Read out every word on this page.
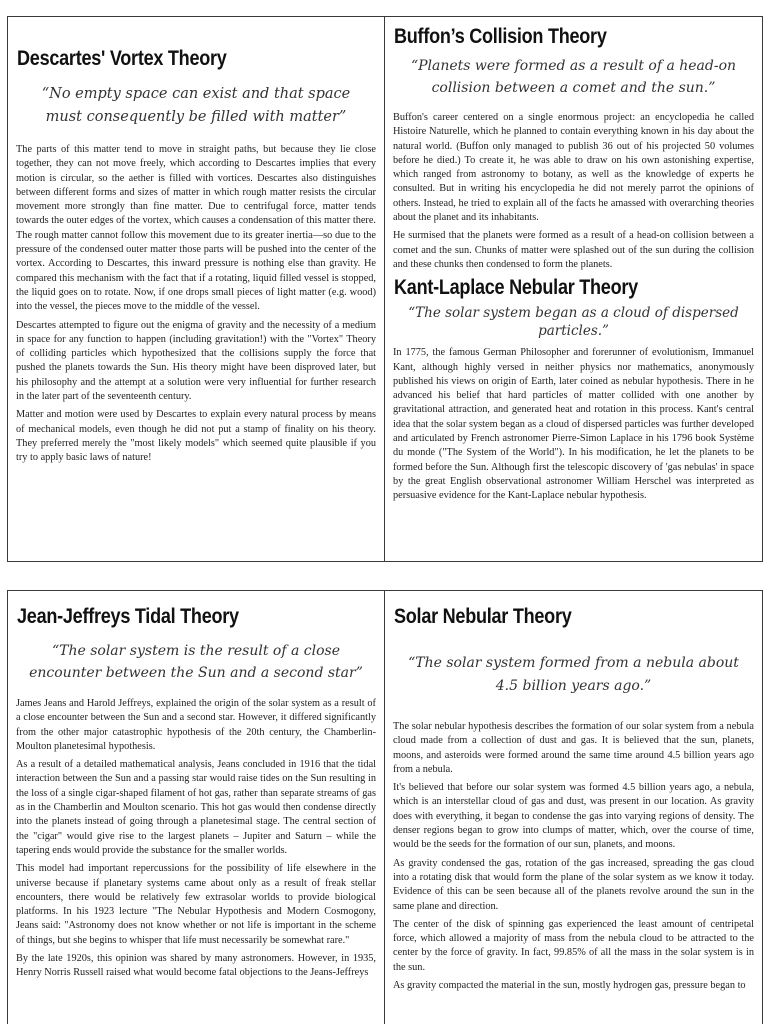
Descartes' Vortex Theory

“No empty space can exist and that space must consequently be filled with matter”

The parts of this matter tend to move in straight paths, but because they lie close together, they can not move freely, which according to Descartes implies that every motion is circular, so the aether is filled with vortices. Descartes also distinguishes between different forms and sizes of matter in which rough matter resists the circular movement more strongly than fine matter. Due to centrifugal force, matter tends towards the outer edges of the vortex, which causes a condensation of this matter there. The rough matter cannot follow this movement due to its greater inertia—so due to the pressure of the condensed outer matter those parts will be pushed into the center of the vortex. According to Descartes, this inward pressure is nothing else than gravity. He compared this mechanism with the fact that if a rotating, liquid filled vessel is stopped, the liquid goes on to rotate. Now, if one drops small pieces of light matter (e.g. wood) into the vessel, the pieces move to the middle of the vessel.

Descartes attempted to figure out the enigma of gravity and the necessity of a medium in space for any function to happen (including gravitation!) with the "Vortex" Theory of colliding particles which hypothesized that the collisions supply the force that pushed the planets towards the Sun. His theory might have been disproved later, but his philosophy and the attempt at a solution were very influential for further research in the later part of the seventeenth century.

Matter and motion were used by Descartes to explain every natural process by means of mechanical models, even though he did not put a stamp of finality on his theory. They preferred merely the "most likely models" which seemed quite plausible if you try to apply basic laws of nature!

Buffon’s Collision Theory

“Planets were formed as a result of a head-on collision between a comet and the sun.”

Buffon's career centered on a single enormous project: an encyclopedia he called Histoire Naturelle, which he planned to contain everything known in his day about the natural world. (Buffon only managed to publish 36 out of his projected 50 volumes before he died.) To create it, he was able to draw on his own astonishing expertise, which ranged from astronomy to botany, as well as the knowledge of experts he consulted. But in writing his encyclopedia he did not merely parrot the opinions of others. Instead, he tried to explain all of the facts he amassed with overarching theories about the planet and its inhabitants.

He surmised that the planets were formed as a result of a head-on collision between a comet and the sun. Chunks of matter were splashed out of the sun during the collision and these chunks then condensed to form the planets.

Kant-Laplace Nebular Theory

“The solar system began as a cloud of dispersed particles.”

In 1775, the famous German Philosopher and forerunner of evolutionism, Immanuel Kant, although highly versed in neither physics nor mathematics, anonymously published his views on origin of Earth, later coined as nebular hypothesis. There in he advanced his belief that hard particles of matter collided with one another by gravitational attraction, and generated heat and rotation in this process. Kant's central idea that the solar system began as a cloud of dispersed particles was further developed and articulated by French astronomer Pierre-Simon Laplace in his 1796 book Système du monde ("The System of the World"). In his modification, he let the planets to be formed before the Sun. Although first the telescopic discovery of 'gas nebulas' in space by the great English observational astronomer William Herschel was interpreted as persuasive evidence for the Kant-Laplace nebular hypothesis.

Jean-Jeffreys Tidal Theory

“The solar system is the result of a close encounter between the Sun and a second star”

James Jeans and Harold Jeffreys, explained the origin of the solar system as a result of a close encounter between the Sun and a second star. However, it differed significantly from the other major catastrophic hypothesis of the 20th century, the Chamberlin-Moulton planetesimal hypothesis.

As a result of a detailed mathematical analysis, Jeans concluded in 1916 that the tidal interaction between the Sun and a passing star would raise tides on the Sun resulting in the loss of a single cigar-shaped filament of hot gas, rather than separate streams of gas as in the Chamberlin and Moulton scenario. This hot gas would then condense directly into the planets instead of going through a planetesimal stage. The central section of the "cigar" would give rise to the largest planets – Jupiter and Saturn – while the tapering ends would provide the substance for the smaller worlds.

This model had important repercussions for the possibility of life elsewhere in the universe because if planetary systems came about only as a result of freak stellar encounters, there would be relatively few extrasolar worlds to provide biological platforms. In his 1923 lecture "The Nebular Hypothesis and Modern Cosmogony, Jeans said: "Astronomy does not know whether or not life is important in the scheme of things, but she begins to whisper that life must necessarily be somewhat rare."

By the late 1920s, this opinion was shared by many astronomers. However, in 1935, Henry Norris Russell raised what would become fatal objections to the Jeans-Jeffreys

Solar Nebular Theory

“The solar system formed from a nebula about 4.5 billion years ago.”

The solar nebular hypothesis describes the formation of our solar system from a nebula cloud made from a collection of dust and gas. It is believed that the sun, planets, moons, and asteroids were formed around the same time around 4.5 billion years ago from a nebula.

It's believed that before our solar system was formed 4.5 billion years ago, a nebula, which is an interstellar cloud of gas and dust, was present in our location. As gravity does with everything, it began to condense the gas into varying regions of density. The denser regions began to grow into clumps of matter, which, over the course of time, would be the seeds for the formation of our sun, planets, and moons.

As gravity condensed the gas, rotation of the gas increased, spreading the gas cloud into a rotating disk that would form the plane of the solar system as we know it today. Evidence of this can be seen because all of the planets revolve around the sun in the same plane and direction.

The center of the disk of spinning gas experienced the least amount of centripetal force, which allowed a majority of mass from the nebula cloud to be attracted to the center by the force of gravity. In fact, 99.85% of all the mass in the solar system is in the sun.

As gravity compacted the material in the sun, mostly hydrogen gas, pressure began to
